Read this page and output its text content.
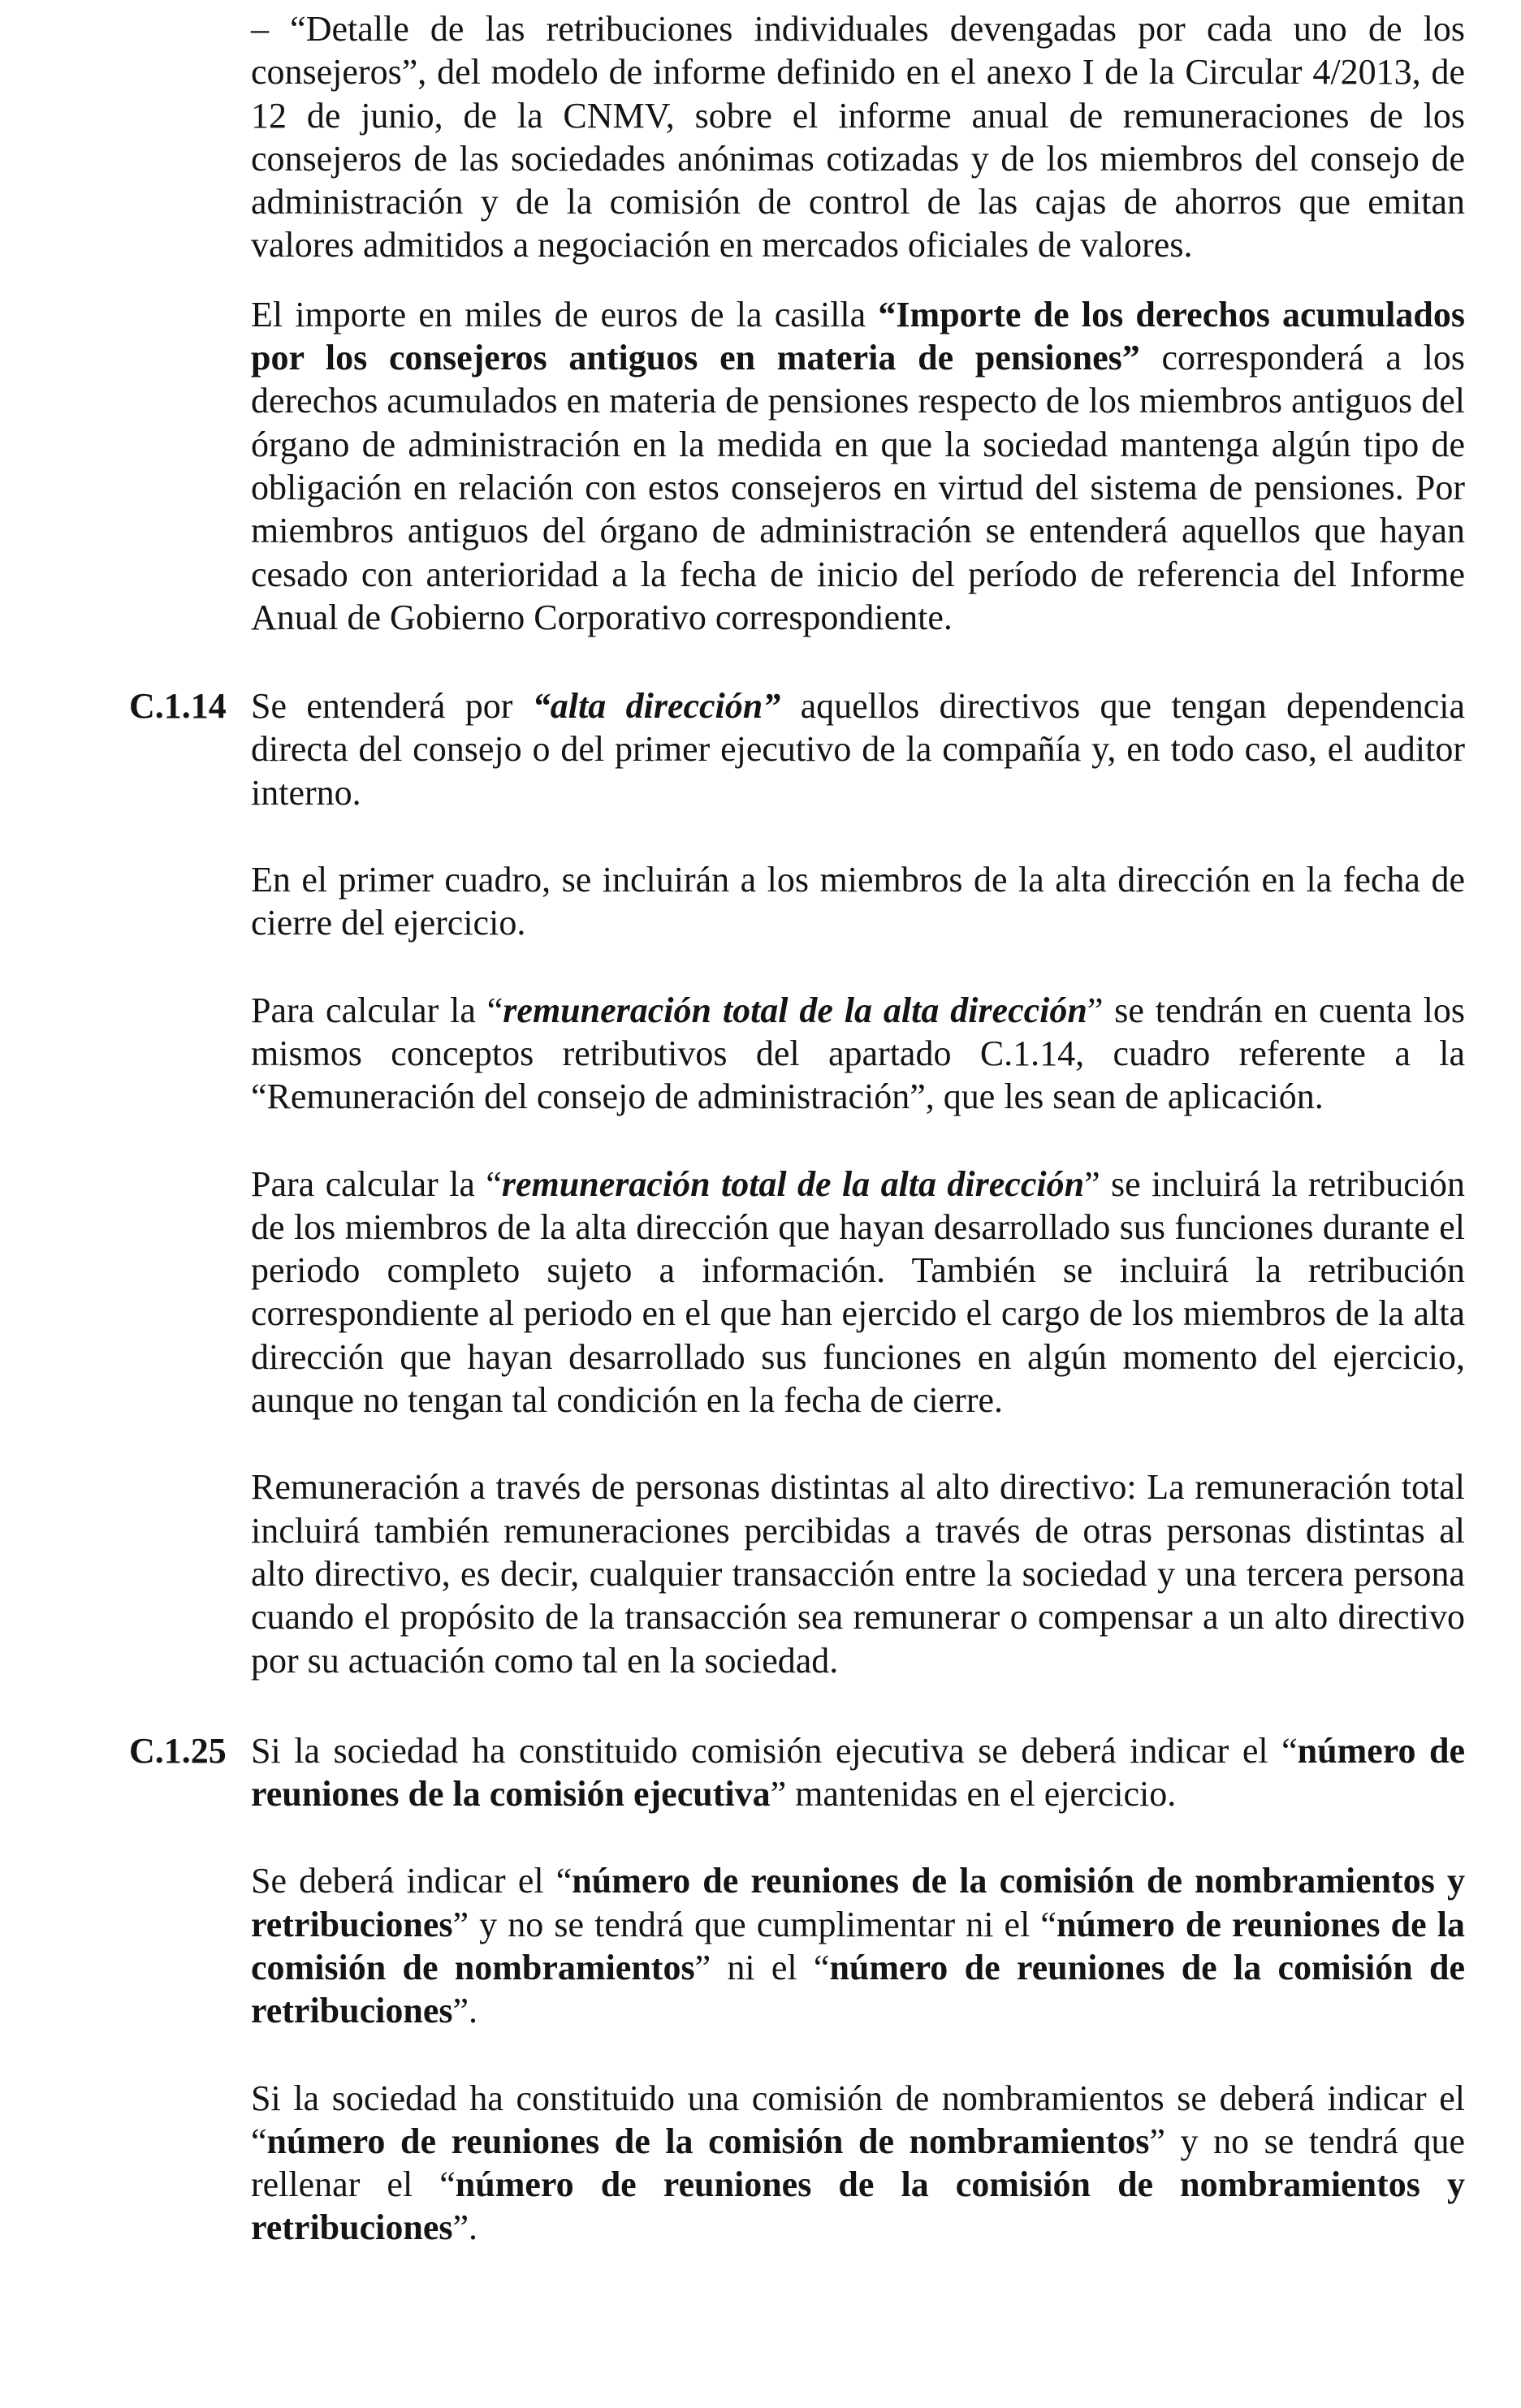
– “Detalle de las retribuciones individuales devengadas por cada uno de los consejeros”, del modelo de informe definido en el anexo I de la Circular 4/2013, de 12 de junio, de la CNMV, sobre el informe anual de remuneraciones de los consejeros de las sociedades anónimas cotizadas y de los miembros del consejo de administración y de la comisión de control de las cajas de ahorros que emitan valores admitidos a negociación en mercados oficiales de valores.

El importe en miles de euros de la casilla “Importe de los derechos acumulados por los consejeros antiguos en materia de pensiones” corresponderá a los derechos acumulados en materia de pensiones respecto de los miembros antiguos del órgano de administración en la medida en que la sociedad mantenga algún tipo de obligación en relación con estos consejeros en virtud del sistema de pensiones. Por miembros antiguos del órgano de administración se entenderá aquellos que hayan cesado con anterioridad a la fecha de inicio del período de referencia del Informe Anual de Gobierno Corporativo correspondiente.

C.1.14 Se entenderá por “alta dirección” aquellos directivos que tengan dependencia directa del consejo o del primer ejecutivo de la compañía y, en todo caso, el auditor interno.

En el primer cuadro, se incluirán a los miembros de la alta dirección en la fecha de cierre del ejercicio.

Para calcular la “remuneración total de la alta dirección” se tendrán en cuenta los mismos conceptos retributivos del apartado C.1.14, cuadro referente a la “Remuneración del consejo de administración”, que les sean de aplicación.

Para calcular la “remuneración total de la alta dirección” se incluirá la retribución de los miembros de la alta dirección que hayan desarrollado sus funciones durante el periodo completo sujeto a información. También se incluirá la retribución correspondiente al periodo en el que han ejercido el cargo de los miembros de la alta dirección que hayan desarrollado sus funciones en algún momento del ejercicio, aunque no tengan tal condición en la fecha de cierre.

Remuneración a través de personas distintas al alto directivo: La remuneración total incluirá también remuneraciones percibidas a través de otras personas distintas al alto directivo, es decir, cualquier transacción entre la sociedad y una tercera persona cuando el propósito de la transacción sea remunerar o compensar a un alto directivo por su actuación como tal en la sociedad.

C.1.25 Si la sociedad ha constituido comisión ejecutiva se deberá indicar el “número de reuniones de la comisión ejecutiva” mantenidas en el ejercicio.

Se deberá indicar el “número de reuniones de la comisión de nombramientos y retribuciones” y no se tendrá que cumplimentar ni el “número de reuniones de la comisión de nombramientos” ni el “número de reuniones de la comisión de retribuciones”.

Si la sociedad ha constituido una comisión de nombramientos se deberá indicar el “número de reuniones de la comisión de nombramientos” y no se tendrá que rellenar el “número de reuniones de la comisión de nombramientos y retribuciones”.
